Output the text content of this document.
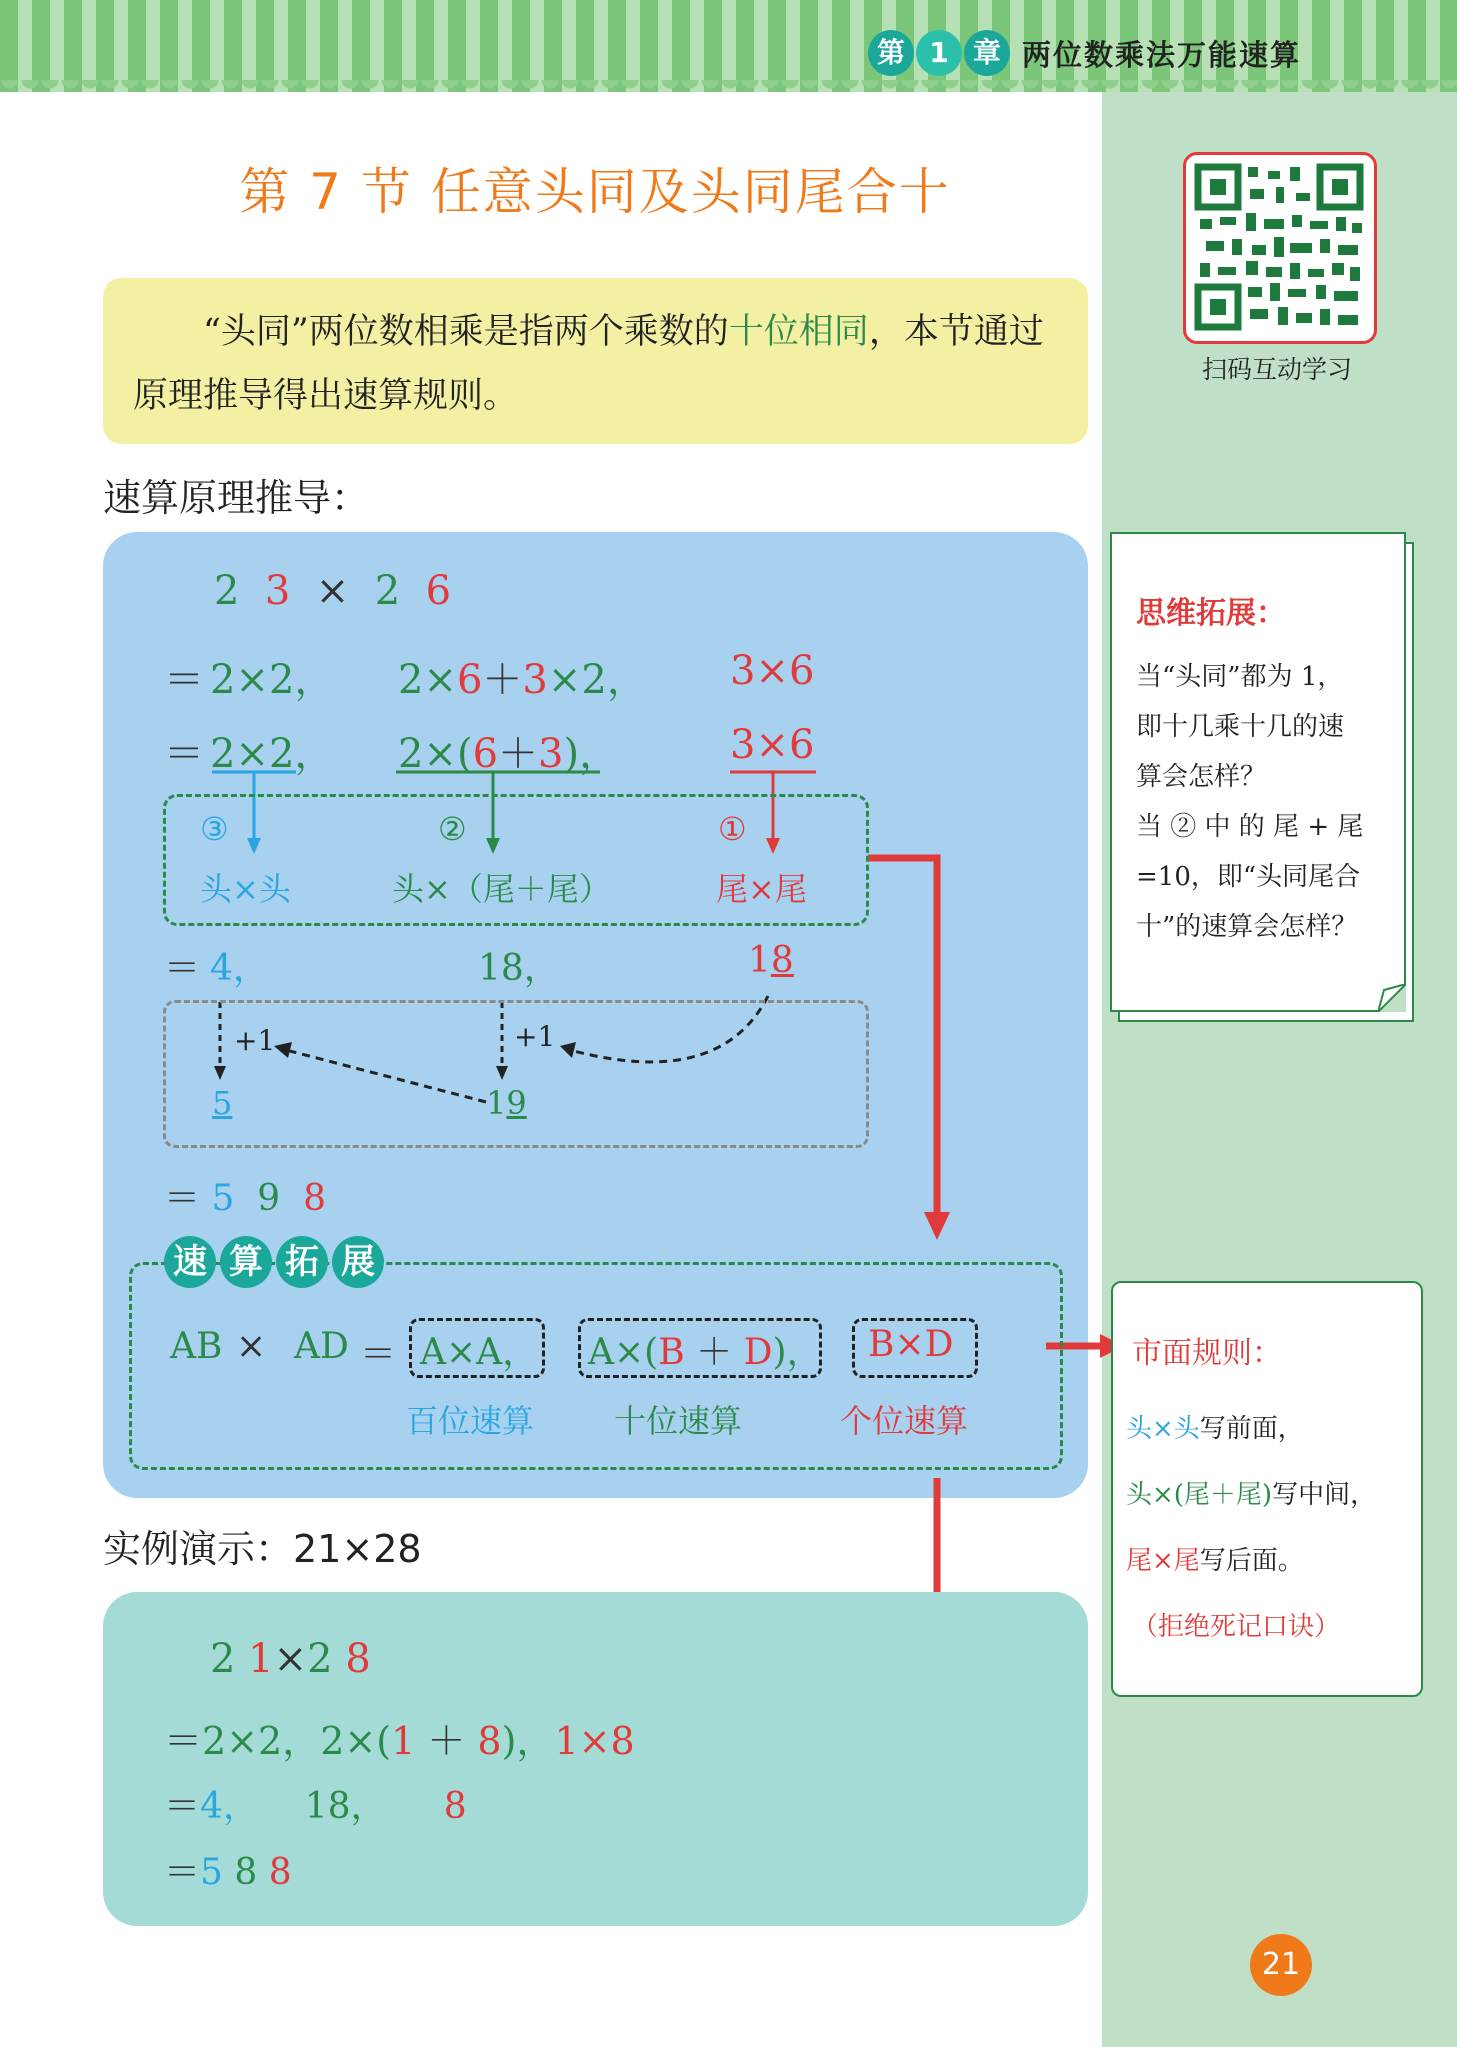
第 1 章 两位数乘法万能速算
第 7 节 任意头同及头同尾合十
扫码互动学习
“头同”两位数相乘是指两个乘数的十位相同，本节通过原理推导得出速算规则。
速算原理推导：
2 3 × 2 6
＝ 2×2， 2×6＋3×2， 3×6
＝ 2×2， 2×(6＋3)，	3×6
③
头×头
②
头×（尾＋尾）
①
尾×尾
＝ 4，	18，	18
+1	+1
5	19
＝ 5 9 8
速 算 拓 展
AB × AD ＝ A×A， A×(B ＋ D)， B×D
百位速算 十位速算	个位速算
实例演示：21×28
2 1×2 8
＝2×2，2×(1 ＋ 8)，1×8
＝4， 18， 8
＝5 8 8
思维拓展：
当“头同”都为 1，
即十几乘十几的速
算会怎样？
当 ② 中 的 尾 + 尾
=10，即“头同尾合
十”的速算会怎样？
市面规则：
头×头写前面，
头×(尾＋尾)写中间，
尾×尾写后面。
（拒绝死记口诀）
21
